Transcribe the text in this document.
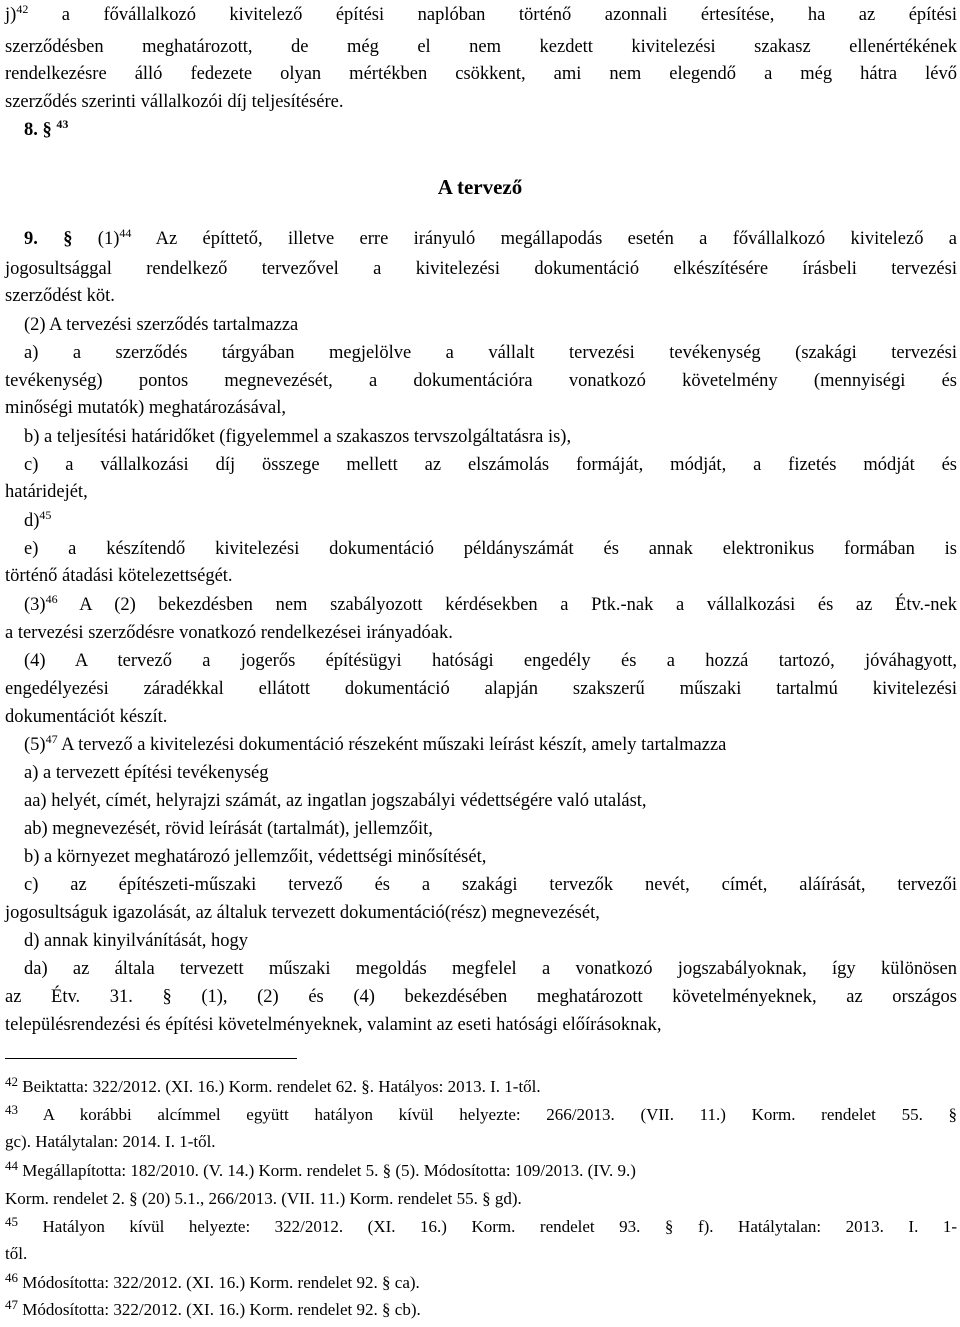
j)$^{42}$ a fővállalkozó kivitelező építési naplóban történő azonnali értesítése, ha az építési
szerződésben meghatározott, de még el nem kezdett kivitelezési szakasz ellenértékének
rendelkezésre álló fedezete olyan mértékben csökkent, ami nem elegendő a még hátra lévő
szerződés szerinti vállalkozói díj teljesítésére.
8. § $^{43}$
A tervező
9. § $(1)^{44}$ Az építtető, illetve erre irányuló megállapodás esetén a fővállalkozó kivitelező a
jogosultsággal rendelkező tervezővel a kivitelezési dokumentáció elkészítésére írásbeli tervezési
szerződést köt.
(2) A tervezési szerződés tartalmazza
a) a szerződés tárgyában megjelölve a vállalt tervezési tevékenység (szakági tervezési
tevékenység) pontos megnevezését, a dokumentációra vonatkozó követelmény (mennyiségi és
minőségi mutatók) meghatározásával,
b) a teljesítési határidőket (figyelemmel a szakaszos tervszolgáltatásra is),
c) a vállalkozási díj összege mellett az elszámolás formáját, módját, a fizetés módját és
határidejét,
d)$^{45}$
e) a készítendő kivitelezési dokumentáció példányszámát és annak elektronikus formában is
történő átadási kötelezettségét.
$(3)^{46}$ A (2) bekezdésben nem szabályozott kérdésekben a Ptk.-nak a vállalkozási és az Étv.-nek
a tervezési szerződésre vonatkozó rendelkezései irányadóak.
(4) A tervező a jogerős építésügyi hatósági engedély és a hozzá tartozó, jóváhagyott,
engedélyezési záradékkal ellátott dokumentáció alapján szakszerű műszaki tartalmú kivitelezési
dokumentációt készít.
$(5)^{47}$ A tervező a kivitelezési dokumentáció részeként műszaki leírást készít, amely tartalmazza
a) a tervezett építési tevékenység
aa) helyét, címét, helyrajzi számát, az ingatlan jogszabályi védettségére való utalást,
ab) megnevezését, rövid leírását (tartalmát), jellemzőit,
b) a környezet meghatározó jellemzőit, védettségi minősítését,
c) az építészeti-műszaki tervező és a szakági tervezők nevét, címét, aláírását, tervezői
jogosultságuk igazolását, az általuk tervezett dokumentáció(rész) megnevezését,
d) annak kinyilvánítását, hogy
da) az általa tervezett műszaki megoldás megfelel a vonatkozó jogszabályoknak, így különösen
az Étv. 31. § (1), (2) és (4) bekezdésében meghatározott követelményeknek, az országos
településrendezési és építési követelményeknek, valamint az eseti hatósági előírásoknak,
$^{42}$ Beiktatta: 322/2012. (XI. 16.) Korm. rendelet 62. §. Hatályos: 2013. I. 1-től.
$^{43}$ A korábbi alcímmel együtt hatályon kívül helyezte: 266/2013. (VII. 11.) Korm. rendelet 55. §
gc). Hatálytalan: 2014. I. 1-től.
$^{44}$ Megállapította: 182/2010. (V. 14.) Korm. rendelet 5. § (5). Módosította: 109/2013. (IV. 9.)
Korm. rendelet 2. § (20) 5.1., 266/2013. (VII. 11.) Korm. rendelet 55. § gd).
$^{45}$ Hatályon kívül helyezte: 322/2012. (XI. 16.) Korm. rendelet 93. § f). Hatálytalan: 2013. I. 1-
től.
$^{46}$ Módosította: 322/2012. (XI. 16.) Korm. rendelet 92. § ca).
$^{47}$ Módosította: 322/2012. (XI. 16.) Korm. rendelet 92. § cb).
